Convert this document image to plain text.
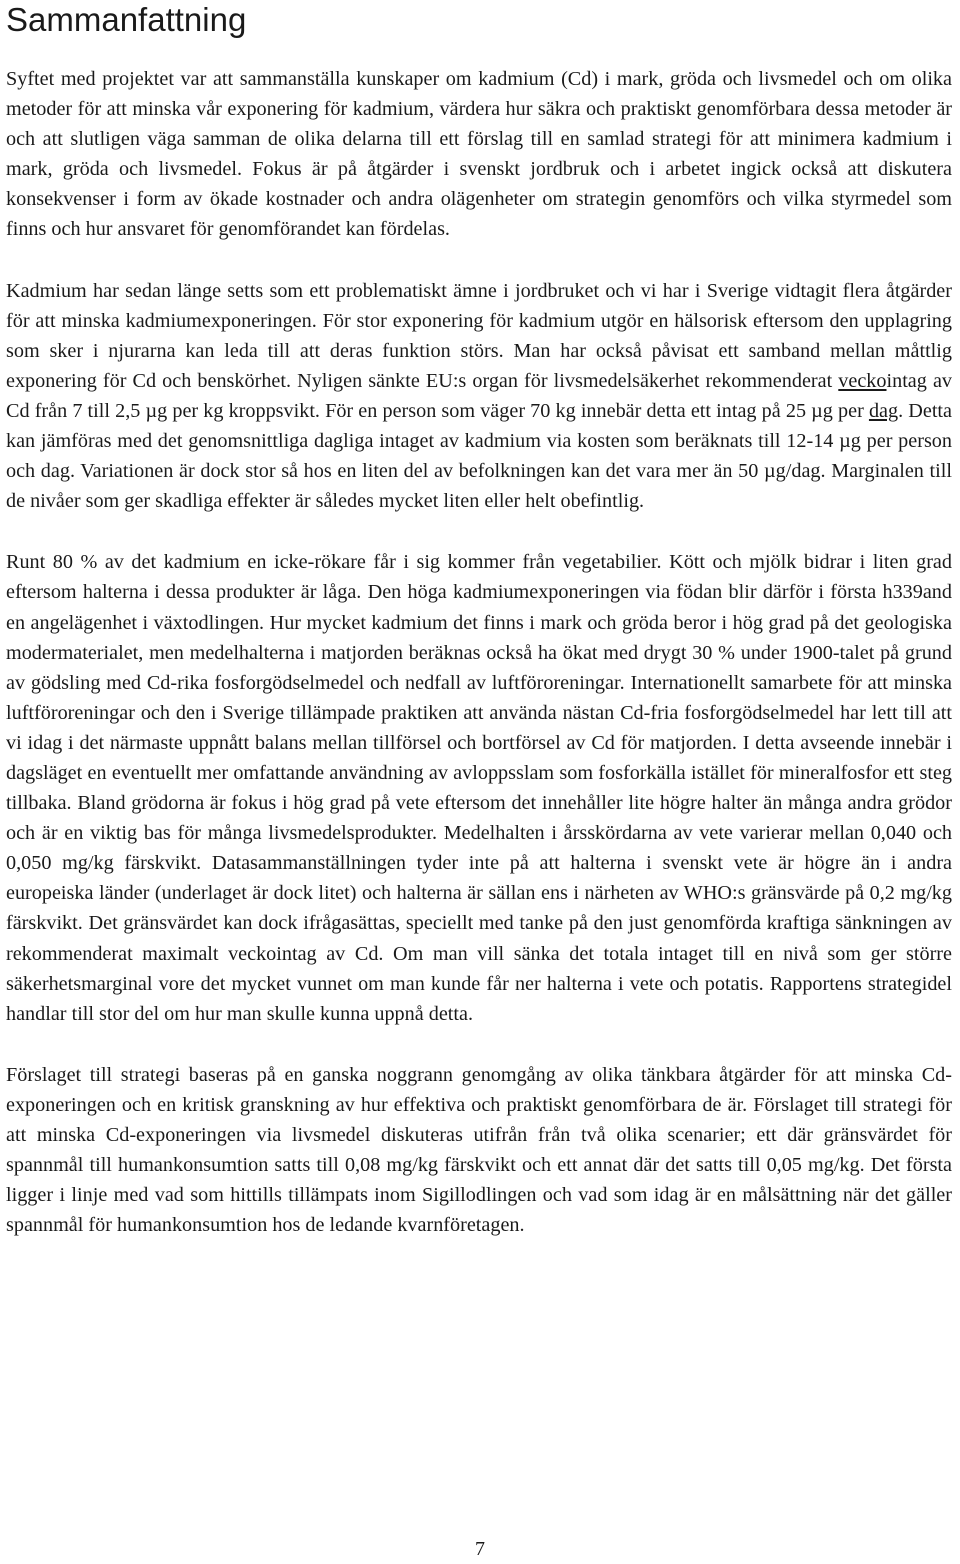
Sammanfattning

Syftet med projektet var att sammanställa kunskaper om kadmium (Cd) i mark, gröda och livsmedel och om olika metoder för att minska vår exponering för kadmium, värdera hur säkra och praktiskt genomförbara dessa metoder är och att slutligen väga samman de olika delarna till ett förslag till en samlad strategi för att minimera kadmium i mark, gröda och livsmedel. Fokus är på åtgärder i svenskt jordbruk och i arbetet ingick också att diskutera konsekvenser i form av ökade kostnader och andra olägenheter om strategin genomförs och vilka styrmedel som finns och hur ansvaret för genomförandet kan fördelas.

Kadmium har sedan länge setts som ett problematiskt ämne i jordbruket och vi har i Sverige vidtagit flera åtgärder för att minska kadmiumexponeringen. För stor exponering för kadmium utgör en hälsorisk eftersom den upplagring som sker i njurarna kan leda till att deras funktion störs. Man har också påvisat ett samband mellan måttlig exponering för Cd och benskörhet. Nyligen sänkte EU:s organ för livsmedelsäkerhet rekommenderat veckointag av Cd från 7 till 2,5 µg per kg kroppsvikt. För en person som väger 70 kg innebär detta ett intag på 25 µg per dag. Detta kan jämföras med det genomsnittliga dagliga intaget av kadmium via kosten som beräknats till 12-14 µg per person och dag. Variationen är dock stor så hos en liten del av befolkningen kan det vara mer än 50 µg/dag. Marginalen till de nivåer som ger skadliga effekter är således mycket liten eller helt obefintlig.

Runt 80 % av det kadmium en icke-rökare får i sig kommer från vegetabilier. Kött och mjölk bidrar i liten grad eftersom halterna i dessa produkter är låga. Den höga kadmiumexponeringen via födan blir därför i första h339and en angelägenhet i växtodlingen. Hur mycket kadmium det finns i mark och gröda beror i hög grad på det geologiska modermaterialet, men medelhalterna i matjorden beräknas också ha ökat med drygt 30 % under 1900-talet på grund av gödsling med Cd-rika fosforgödselmedel och nedfall av luftföroreningar. Internationellt samarbete för att minska luftföroreningar och den i Sverige tillämpade praktiken att använda nästan Cd-fria fosforgödselmedel har lett till att vi idag i det närmaste uppnått balans mellan tillförsel och bortförsel av Cd för matjorden. I detta avseende innebär i dagsläget en eventuellt mer omfattande användning av avloppsslam som fosforkälla istället för mineralfosfor ett steg tillbaka. Bland grödorna är fokus i hög grad på vete eftersom det innehåller lite högre halter än många andra grödor och är en viktig bas för många livsmedelsprodukter. Medelhalten i årsskördarna av vete varierar mellan 0,040 och 0,050 mg/kg färskvikt. Datasammanställningen tyder inte på att halterna i svenskt vete är högre än i andra europeiska länder (underlaget är dock litet) och halterna är sällan ens i närheten av WHO:s gränsvärde på 0,2 mg/kg färskvikt. Det gränsvärdet kan dock ifrågasättas, speciellt med tanke på den just genomförda kraftiga sänkningen av rekommenderat maximalt veckointag av Cd. Om man vill sänka det totala intaget till en nivå som ger större säkerhetsmarginal vore det mycket vunnet om man kunde får ner halterna i vete och potatis. Rapportens strategidel handlar till stor del om hur man skulle kunna uppnå detta.

Förslaget till strategi baseras på en ganska noggrann genomgång av olika tänkbara åtgärder för att minska Cd-exponeringen och en kritisk granskning av hur effektiva och praktiskt genomförbara de är. Förslaget till strategi för att minska Cd-exponeringen via livsmedel diskuteras utifrån från två olika scenarier; ett där gränsvärdet för spannmål till humankonsumtion satts till 0,08 mg/kg färskvikt och ett annat där det satts till 0,05 mg/kg. Det första ligger i linje med vad som hittills tillämpats inom Sigillodlingen och vad som idag är en målsättning när det gäller spannmål för humankonsumtion hos de ledande kvarnföretagen.

7
